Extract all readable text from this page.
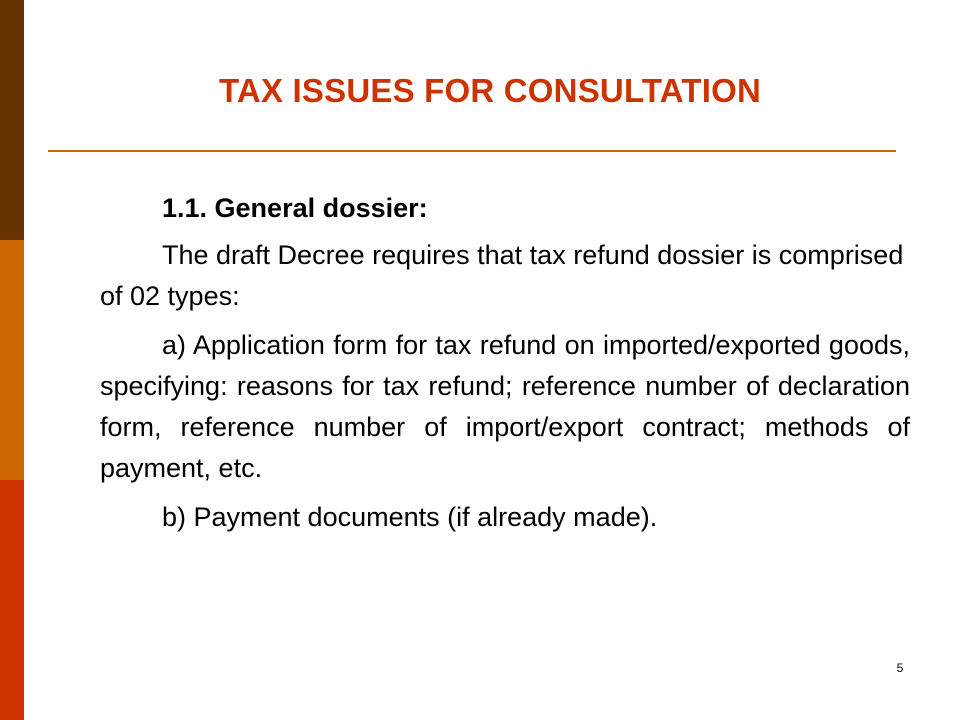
TAX ISSUES FOR CONSULTATION

1.1. General dossier:

The draft Decree requires that tax refund dossier is comprised of 02 types:

a) Application form for tax refund on imported/exported goods, specifying: reasons for tax refund; reference number of declaration form, reference number of import/export contract; methods of payment, etc.

b) Payment documents (if already made).

5
